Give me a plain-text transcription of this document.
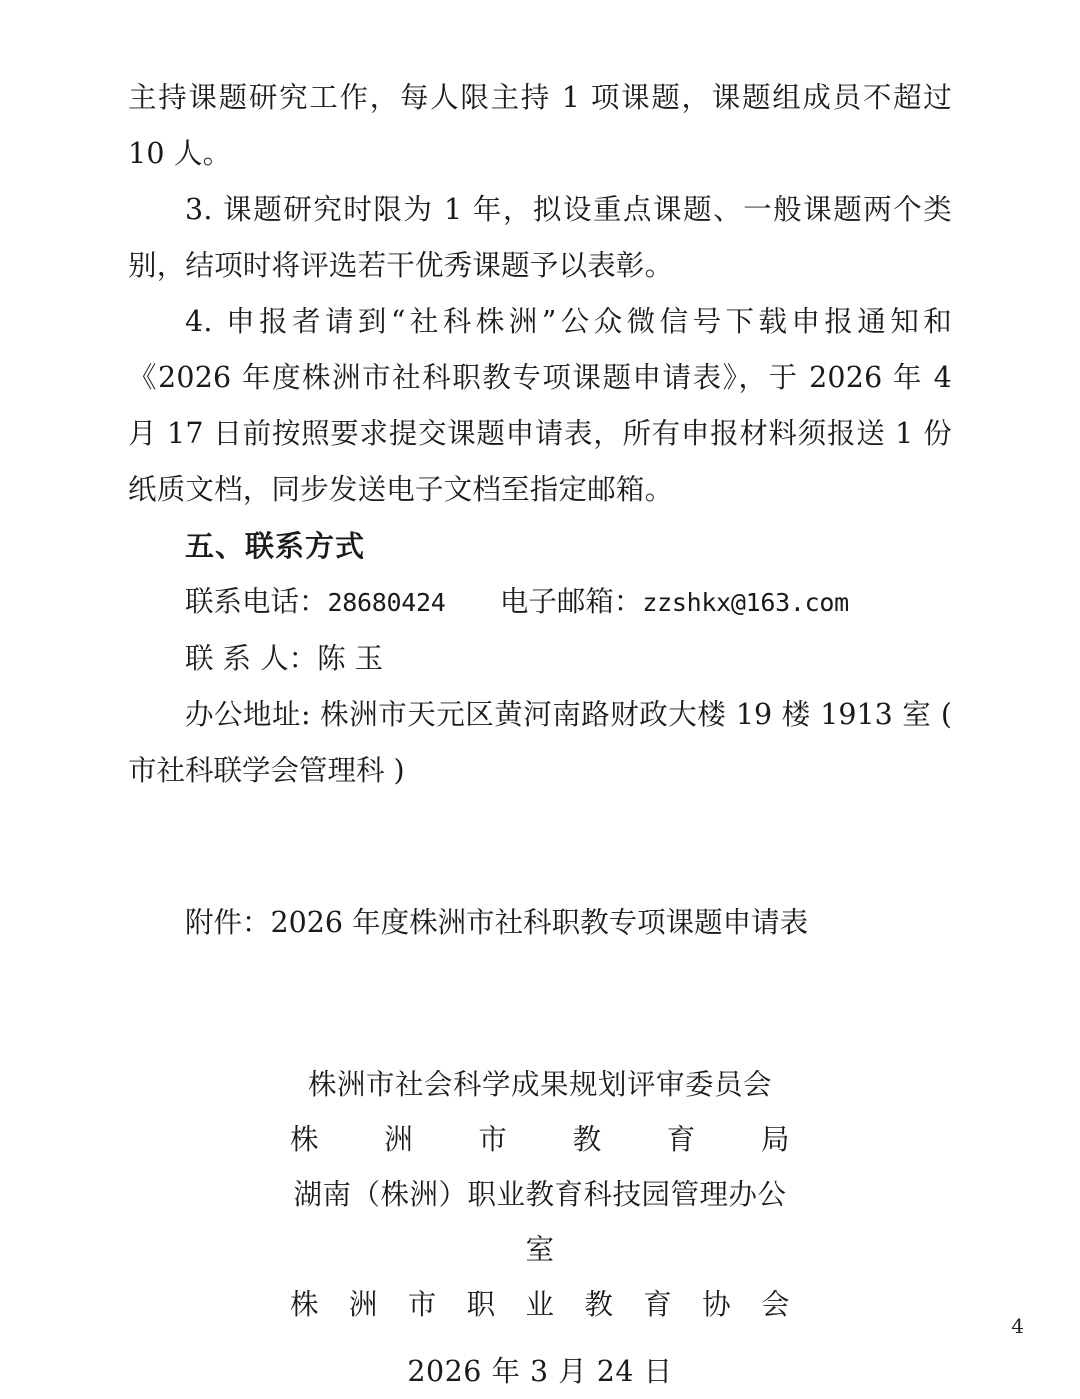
主持课题研究工作，每人限主持 1 项课题，课题组成员不超过 10 人。

3. 课题研究时限为 1 年，拟设重点课题、一般课题两个类别，结项时将评选若干优秀课题予以表彰。

4. 申报者请到“社科株洲”公众微信号下载申报通知和《2026 年度株洲市社科职教专项课题申请表》，于 2026 年 4 月 17 日前按照要求提交课题申请表，所有申报材料须报送 1 份纸质文档，同步发送电子文档至指定邮箱。

五、联系方式

联系电话：28680424 电子邮箱：zzshkx@163.com

联 系 人：陈 玉

办公地址: 株洲市天元区黄河南路财政大楼 19 楼 1913 室 ( 市社科联学会管理科 )

附件：2026 年度株洲市社科职教专项课题申请表

株洲市社会科学成果规划评审委员会

株 洲 市 教 育 局

湖南（株洲）职业教育科技园管理办公室

株 洲 市 职 业 教 育 协 会

2026 年 3 月 24 日

4
